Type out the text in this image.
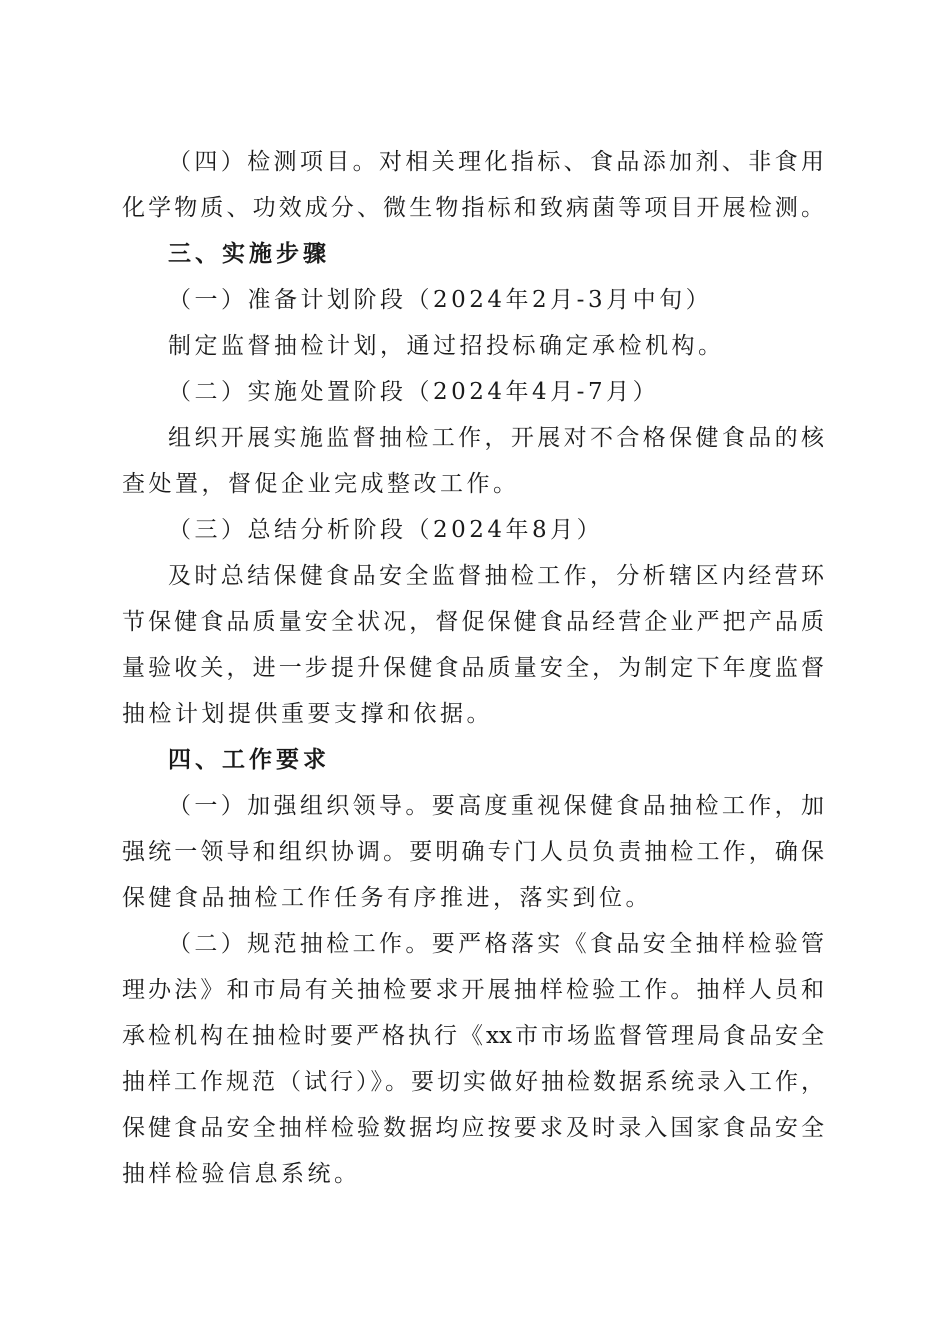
（四）检测项目。对相关理化指标、食品添加剂、非食用
化学物质、功效成分、微生物指标和致病菌等项目开展检测。
三、实施步骤
（一）准备计划阶段（2024年2月-3月中旬）
制定监督抽检计划，通过招投标确定承检机构。
（二）实施处置阶段（2024年4月-7月）
组织开展实施监督抽检工作，开展对不合格保健食品的核
查处置，督促企业完成整改工作。
（三）总结分析阶段（2024年8月）
及时总结保健食品安全监督抽检工作，分析辖区内经营环
节保健食品质量安全状况，督促保健食品经营企业严把产品质
量验收关，进一步提升保健食品质量安全，为制定下年度监督
抽检计划提供重要支撑和依据。
四、工作要求
（一）加强组织领导。要高度重视保健食品抽检工作，加
强统一领导和组织协调。要明确专门人员负责抽检工作，确保
保健食品抽检工作任务有序推进，落实到位。
（二）规范抽检工作。要严格落实《食品安全抽样检验管
理办法》和市局有关抽检要求开展抽样检验工作。抽样人员和
承检机构在抽检时要严格执行《xx市市场监督管理局食品安全
抽样工作规范（试行）》。要切实做好抽检数据系统录入工作，
保健食品安全抽样检验数据均应按要求及时录入国家食品安全
抽样检验信息系统。
